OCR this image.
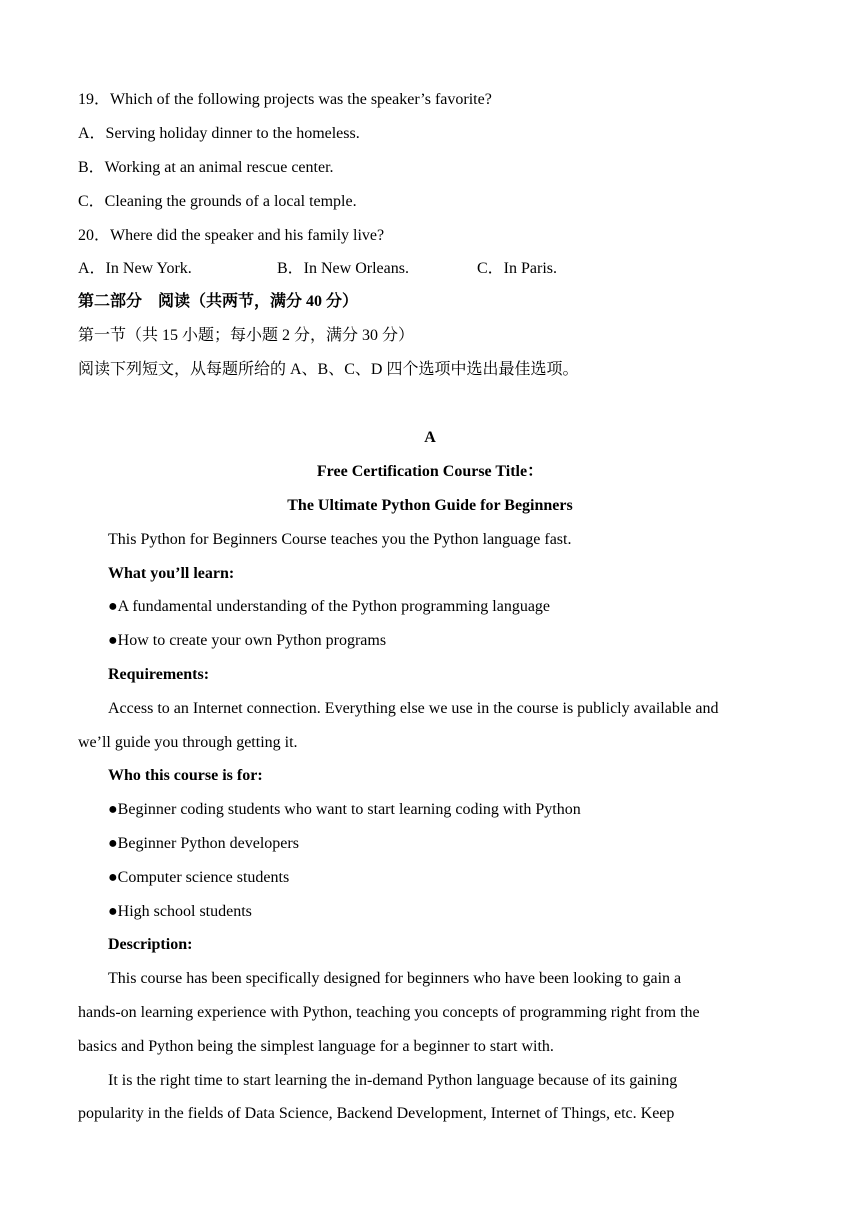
19．Which of the following projects was the speaker’s favorite?
A．Serving holiday dinner to the homeless.
B．Working at an animal rescue center.
C．Cleaning the grounds of a local temple.
20．Where did the speaker and his family live?
A．In New York.	B．In New Orleans.	C．In Paris.
第二部分　阅读（共两节，满分 40 分）
第一节（共 15 小题；每小题 2 分，满分 30 分）
阅读下列短文，从每题所给的 A、B、C、D 四个选项中选出最佳选项。
A
Free Certification Course Title：
The Ultimate Python Guide for Beginners
This Python for Beginners Course teaches you the Python language fast.
What you’ll learn:
●A fundamental understanding of the Python programming language
●How to create your own Python programs
Requirements:
Access to an Internet connection. Everything else we use in the course is publicly available and
we’ll guide you through getting it.
Who this course is for:
●Beginner coding students who want to start learning coding with Python
●Beginner Python developers
●Computer science students
●High school students
Description:
This course has been specifically designed for beginners who have been looking to gain a
hands-on learning experience with Python, teaching you concepts of programming right from the
basics and Python being the simplest language for a beginner to start with.
It is the right time to start learning the in-demand Python language because of its gaining
popularity in the fields of Data Science, Backend Development, Internet of Things, etc. Keep
